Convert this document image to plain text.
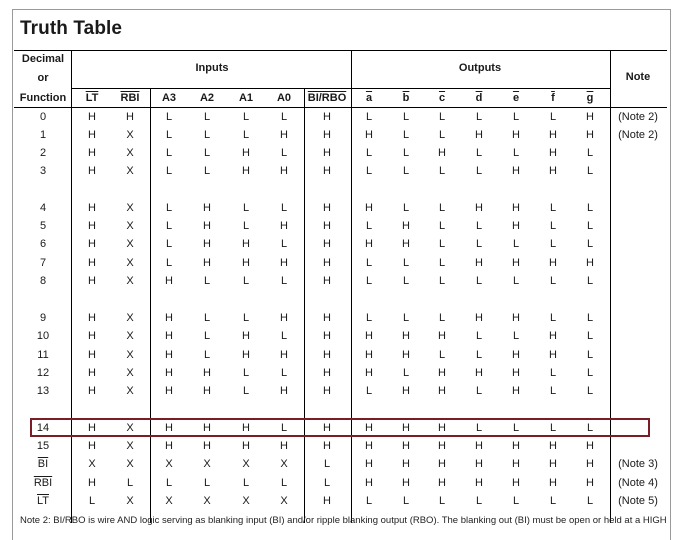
Truth Table
Decimal
or
Function
Inputs	Outputs
Note
$\overline{LT}$	$\overline{RBI}$	A3	A2	A1	A0	BI/RBO	$\overline{a}$	$\overline{b}$	$\overline{c}$	$\overline{d}$	$\overline{e}$	$\overline{f}$	$\overline{g}$
0	H	H	L	L	L	L	H	L	L	L	L	L	L	H	(Note 2)
1	H	X	L	L	L	H	H	H	L	L	H	H	H	H	(Note 2)
2	H	X	L	L	H	L	H	L	L	H	L	L	H	L
3	H	X	L	L	H	H	H	L	L	L	L	H	H	L
4	H	X	L	H	L	L	H	H	L	L	H	H	L	L
5	H	X	L	H	L	H	H	L	H	L	L	H	L	L
6	H	X	L	H	H	L	H	H	H	L	L	L	L	L
7	H	X	L	H	H	H	H	L	L	L	H	H	H	H
8	H	X	H	L	L	L	H	L	L	L	L	L	L	L
9	H	X	H	L	L	H	H	L	L	L	H	H	L	L
10	H	X	H	L	H	L	H	H	H	H	L	L	H	L
11	H	X	H	L	H	H	H	H	H	L	L	H	H	L
12	H	X	H	H	L	L	H	H	L	H	H	H	L	L
13	H	X	H	H	L	H	H	L	H	H	L	H	L	L
14	H	X	H	H	H	L	H	H	H	H	L	L	L	L
15	H	X	H	H	H	H	H	H	H	H	H	H	H	H
$\overline{BI}$	X	X	X	X	X	X	L	H	H	H	H	H	H	H	(Note 3)
$\overline{RBI}$	H	L	L	L	L	L	L	H	H	H	H	H	H	H	(Note 4)
$\overline{LT}$	L	X	X	X	X	X	H	L	L	L	L	L	L	L	(Note 5)
Note 2: BI/RBO is wire AND logic serving as blanking input (BI) and/or ripple blanking output (RBO). The blanking out (BI) must be open or held at a HIGH
